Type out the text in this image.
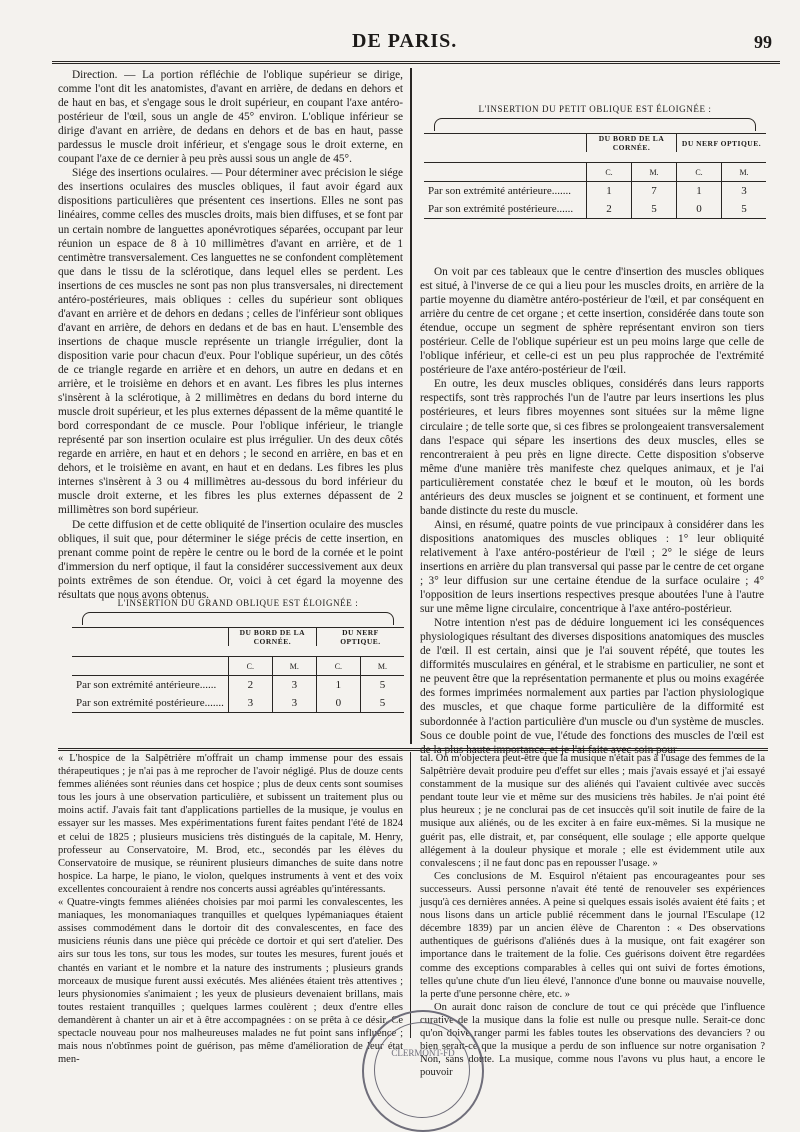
DE PARIS.	99

Direction. — La portion réfléchie de l'oblique supérieur se dirige, comme l'ont dit les anatomistes, d'avant en arrière, de dedans en dehors et de haut en bas, et s'engage sous le droit supérieur, en coupant l'axe antéro-postérieur de l'œil, sous un angle de 45° environ. L'oblique inférieur se dirige d'avant en arrière, de dedans en dehors et de bas en haut, passe pardessus le muscle droit inférieur, et s'engage sous le droit externe, en coupant l'axe de ce dernier à peu près aussi sous un angle de 45°.

Siége des insertions oculaires. — Pour déterminer avec précision le siége des insertions oculaires des muscles obliques, il faut avoir égard aux dispositions particulières que présentent ces insertions. Elles ne sont pas linéaires, comme celles des muscles droits, mais bien diffuses, et se font par un certain nombre de languettes aponévrotiques séparées, occupant par leur réunion un espace de 8 à 10 millimètres d'avant en arrière, et de 1 centimètre transversalement. Ces languettes ne se confondent complètement que dans le tissu de la sclérotique, dans lequel elles se perdent. Les insertions de ces muscles ne sont pas non plus transversales, ni directement antéro-postérieures, mais obliques : celles du supérieur sont obliques d'avant en arrière et de dehors en dedans ; celles de l'inférieur sont obliques d'avant en arrière, de dehors en dedans et de bas en haut. L'ensemble des insertions de chaque muscle représente un triangle irrégulier, dont la disposition varie pour chacun d'eux. Pour l'oblique supérieur, un des côtés de ce triangle regarde en arrière et en dehors, un autre en dedans et en arrière, et le troisième en dehors et en avant. Les fibres les plus internes s'insèrent à la sclérotique, à 2 millimètres en dedans du bord interne du muscle droit supérieur, et les plus externes dépassent de la même quantité le bord correspondant de ce muscle. Pour l'oblique inférieur, le triangle représenté par son insertion oculaire est plus irrégulier. Un des deux côtés regarde en arrière, en haut et en dehors ; le second en arrière, en bas et en dehors, et le troisième en avant, en haut et en dedans. Les fibres les plus internes s'insèrent à 3 ou 4 millimètres au-dessous du bord inférieur du muscle droit externe, et les fibres les plus externes dépassent de 2 millimètres son bord supérieur.

De cette diffusion et de cette obliquité de l'insertion oculaire des muscles obliques, il suit que, pour déterminer le siége précis de cette insertion, en prenant comme point de repère le centre ou le bord de la cornée et le point d'immersion du nerf optique, il faut la considérer successivement aux deux points extrêmes de son étendue. Or, voici à cet égard la moyenne des résultats que nous avons obtenus.

L'INSERTION DU PETIT OBLIQUE EST ÉLOIGNÉE :
	DU BORD DE LA CORNÉE.		DU NERF OPTIQUE.	

	C.	M.	C.	M.
Par son extrémité antérieure.......	1	7	1	3
Par son extrémité postérieure......	2	5	0	5

On voit par ces tableaux que le centre d'insertion des muscles obliques est situé, à l'inverse de ce qui a lieu pour les muscles droits, en arrière de la partie moyenne du diamètre antéro-postérieur de l'œil, et par conséquent en arrière du centre de cet organe ; et cette insertion, considérée dans toute son étendue, occupe un segment de sphère représentant environ son tiers postérieur. Celle de l'oblique supérieur est un peu moins large que celle de l'oblique inférieur, et celle-ci est un peu plus rapprochée de l'extrémité postérieure de l'axe antéro-postérieur de l'œil.

En outre, les deux muscles obliques, considérés dans leurs rapports respectifs, sont très rapprochés l'un de l'autre par leurs insertions les plus postérieures, et leurs fibres moyennes sont situées sur la même ligne circulaire ; de telle sorte que, si ces fibres se prolongeaient transversalement dans l'espace qui sépare les insertions des deux muscles, elles se rencontreraient à peu près en ligne directe. Cette disposition s'observe même d'une manière très manifeste chez quelques animaux, et je l'ai particulièrement constatée chez le bœuf et le mouton, où les bords antérieurs des deux muscles se joignent et se continuent, et forment une bande distincte du reste du muscle.

Ainsi, en résumé, quatre points de vue principaux à considérer dans les dispositions anatomiques des muscles obliques : 1° leur obliquité relativement à l'axe antéro-postérieur de l'œil ; 2° le siége de leurs insertions en arrière du plan transversal qui passe par le centre de cet organe ; 3° leur diffusion sur une certaine étendue de la surface oculaire ; 4° l'opposition de leurs insertions respectives presque aboutées l'une à l'autre sur une même ligne circulaire, concentrique à l'axe antéro-postérieur.

Notre intention n'est pas de déduire longuement ici les conséquences physiologiques résultant des diverses dispositions anatomiques des muscles de l'œil. Il est certain, ainsi que je l'ai souvent répété, que toutes les difformités musculaires en général, et le strabisme en particulier, ne sont et ne peuvent être que la représentation permanente et plus ou moins exagérée des formes imprimées normalement aux parties par l'action physiologique des muscles, et que chaque forme particulière de la difformité est subordonnée à l'action particulière d'un muscle ou d'un système de muscles. Sous ce double point de vue, l'étude des fonctions des muscles de l'œil est de la plus haute importance, et je l'ai faite avec soin pour

L'INSERTION DU GRAND OBLIQUE EST ÉLOIGNÉE :
	DU BORD DE LA CORNÉE.		DU NERF OPTIQUE.	

	C.	M.	C.	M.
Par son extrémité antérieure......	2	3	1	5
Par son extrémité postérieure.......	3	3	0	5

« L'hospice de la Salpêtrière m'offrait un champ immense pour des essais thérapeutiques ; je n'ai pas à me reprocher de l'avoir négligé. Plus de douze cents femmes aliénées sont réunies dans cet hospice ; plus de deux cents sont soumises tous les jours à une observation particulière, et subissent un traitement plus ou moins actif. J'avais fait tant d'applications partielles de la musique, je voulus en essayer sur les masses. Mes expérimentations furent faites pendant l'été de 1824 et celui de 1825 ; plusieurs musiciens très distingués de la capitale, M. Henry, professeur au Conservatoire, M. Brod, etc., secondés par les élèves du Conservatoire de musique, se réunirent plusieurs dimanches de suite dans notre hospice. La harpe, le piano, le violon, quelques instruments à vent et des voix excellentes concouraient à rendre nos concerts aussi agréables qu'intéressants.

« Quatre-vingts femmes aliénées choisies par moi parmi les convalescentes, les maniaques, les monomaniaques tranquilles et quelques lypémaniaques étaient assises commodément dans le dortoir dit des convalescentes, en face des musiciens réunis dans une pièce qui précède ce dortoir et qui sert d'atelier. Des airs sur tous les tons, sur tous les modes, sur toutes les mesures, furent joués et chantés en variant et le nombre et la nature des instruments ; plusieurs grands morceaux de musique furent aussi exécutés. Mes aliénées étaient très attentives ; leurs physionomies s'animaient ; les yeux de plusieurs devenaient brillans, mais toutes restaient tranquilles ; quelques larmes coulèrent ; deux d'entre elles demandèrent à chanter un air et à être accompagnées : on se prêta à ce désir. Ce spectacle nouveau pour nos malheureuses malades ne fut point sans influence ; mais nous n'obtînmes point de guérison, pas même d'amélioration de leur état men-

tal. On m'objectera peut-être que la musique n'était pas à l'usage des femmes de la Salpêtrière devait produire peu d'effet sur elles ; mais j'avais essayé et j'ai essayé constamment de la musique sur des aliénés qui l'avaient cultivée avec succès pendant toute leur vie et même sur des musiciens très habiles. Je n'ai point été plus heureux ; je ne conclurai pas de cet insuccès qu'il soit inutile de faire de la musique aux aliénés, ou de les exciter à en faire eux-mêmes. Si la musique ne guérit pas, elle distrait, et, par conséquent, elle soulage ; elle apporte quelque allégement à la douleur physique et morale ; elle est évidemment utile aux convalescens ; il ne faut donc pas en repousser l'usage. »

Ces conclusions de M. Esquirol n'étaient pas encourageantes pour ses successeurs. Aussi personne n'avait été tenté de renouveler ses expériences jusqu'à ces dernières années. A peine si quelques essais isolés avaient été faits ; et nous lisons dans un article publié récemment dans le journal l'Esculape (12 décembre 1839) par un ancien élève de Charenton : « Des observations authentiques de guérisons d'aliénés dues à la musique, ont fait exagérer son importance dans le traitement de la folie. Ces guérisons doivent être regardées comme des exceptions comparables à celles qui ont suivi de fortes émotions, telles qu'une chute d'un lieu élevé, l'annonce d'une bonne ou mauvaise nouvelle, la perte d'une personne chère, etc. »

On aurait donc raison de conclure de tout ce qui précède que l'influence curative de la musique dans la folie est nulle ou presque nulle. Serait-ce donc qu'on doive ranger parmi les fables toutes les observations des devanciers ? ou bien serait-ce que la musique a perdu de son influence sur notre organisation ? Non, sans doute. La musique, comme nous l'avons vu plus haut, a encore le pouvoir

CLERMONT-FD
